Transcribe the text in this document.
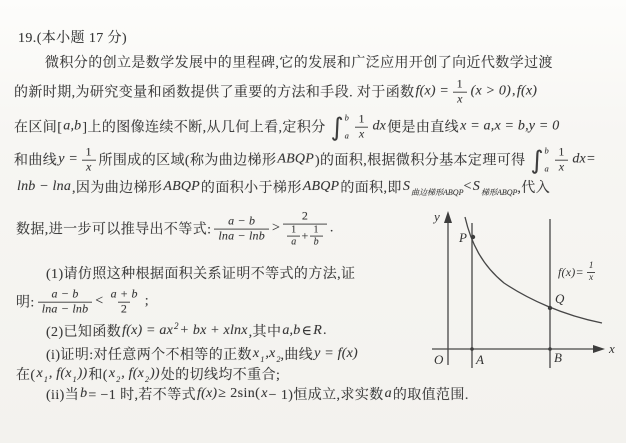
19.(本小题 17 分)
微积分的创立是数学发展中的里程碑,它的发展和广泛应用开创了向近代数学过渡
的新时期,为研究变量和函数提供了重要的方法和手段. 对于函数 $f(x) = \frac{1}{x} (x > 0)$ , f(x)
在区间[ a,b ]上的图像连续不断,从几何上看,定积分 ∫ b
a $\frac{1}{x}$ dx 便是由直线 x = a,x = b,y = 0
和曲线 $y = \frac{1}{x}$ 所围成的区域(称为曲边梯形 ABQP )的面积,根据微积分基本定理可得 ∫ b
a $\frac{1}{x}$ dx =
lnb − lna ,因为曲边梯形 ABQP 的面积小于梯形 ABQP 的面积,即 S 曲边梯形ABQP < S 梯形ABQP ,代入
数据,进一步可以推导出不等式: $\frac{a - b}{\ln a - \ln b} > \frac{2}{\frac{1}{a} + \frac{1}{b}}$ .
(1)请仿照这种根据面积关系证明不等式的方法,证
明: $\frac{a - b}{\ln a - \ln b} < \frac{a + b}{2}$ ;
(2)已知函数 f(x) = ax 2 + bx + xlnx ,其中 a,b ∈ R .
(i)证明:对任意两个不相等的正数 x 1 ,x 2 ,曲线 y = f(x)
在( x 1 , f(x 1 )) 和( x 2 , f(x 2 )) 处的切线均不重合;
(ii)当 b = −1 时,若不等式 f(x) ≥ 2sin( x − 1)恒成立,求实数 a 的取值范围.
y
x
O	A	B
P
Q
$f(x)= \frac{1}{x}$
